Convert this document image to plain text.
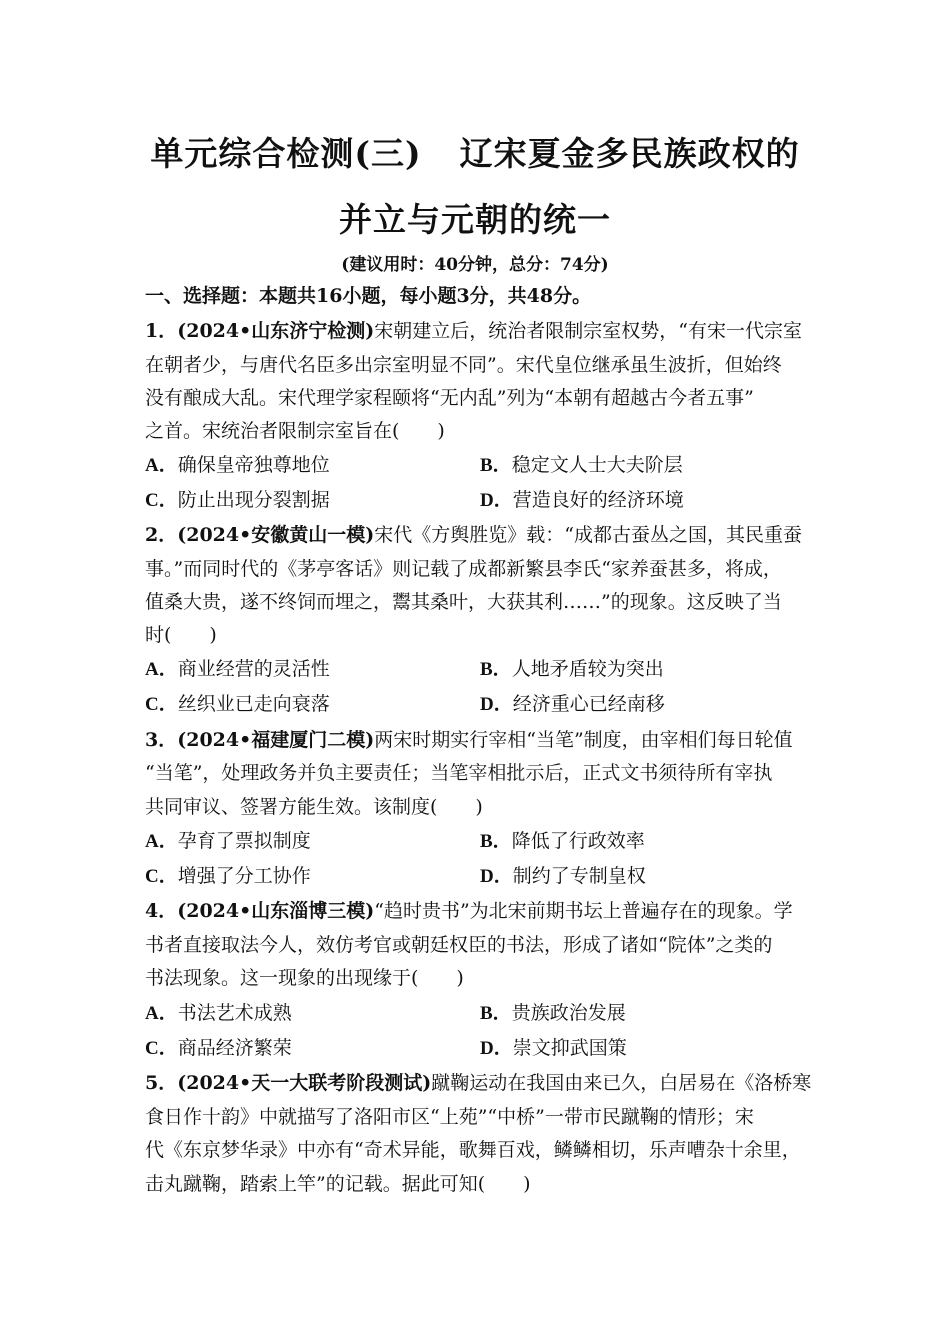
单元综合检测(三) 辽宋夏金多民族政权的
并立与元朝的统一
(建议用时：40分钟，总分：74分)
一、选择题：本题共16小题，每小题3分，共48分。
1．(2024•山东济宁检测)宋朝建立后，统治者限制宗室权势，“有宋一代宗室
在朝者少，与唐代名臣多出宗室明显不同”。宋代皇位继承虽生波折，但始终
没有酿成大乱。宋代理学家程颐将“无内乱”列为“本朝有超越古今者五事”
之首。宋统治者限制宗室旨在(　　)
A．确保皇帝独尊地位	B．稳定文人士大夫阶层
C．防止出现分裂割据	D．营造良好的经济环境
2．(2024•安徽黄山一模)宋代《方舆胜览》载：“成都古蚕丛之国，其民重蚕
事。”而同时代的《茅亭客话》则记载了成都新繁县李氏“家养蚕甚多，将成，
值桑大贵，遂不终饲而埋之，鬻其桑叶，大获其利……”的现象。这反映了当
时(　　)
A．商业经营的灵活性	B．人地矛盾较为突出
C．丝织业已走向衰落	D．经济重心已经南移
3．(2024•福建厦门二模)两宋时期实行宰相“当笔”制度，由宰相们每日轮值
“当笔”，处理政务并负主要责任；当笔宰相批示后，正式文书须待所有宰执
共同审议、签署方能生效。该制度(　　)
A．孕育了票拟制度	B．降低了行政效率
C．增强了分工协作	D．制约了专制皇权
4．(2024•山东淄博三模)“趋时贵书”为北宋前期书坛上普遍存在的现象。学
书者直接取法今人，效仿考官或朝廷权臣的书法，形成了诸如“院体”之类的
书法现象。这一现象的出现缘于(　　)
A．书法艺术成熟	B．贵族政治发展
C．商品经济繁荣	D．崇文抑武国策
5．(2024•天一大联考阶段测试)蹴鞠运动在我国由来已久，白居易在《洛桥寒
食日作十韵》中就描写了洛阳市区“上苑”“中桥”一带市民蹴鞠的情形；宋
代《东京梦华录》中亦有“奇术异能，歌舞百戏，鳞鳞相切，乐声嘈杂十余里，
击丸蹴鞠，踏索上竿”的记载。据此可知(　　)
